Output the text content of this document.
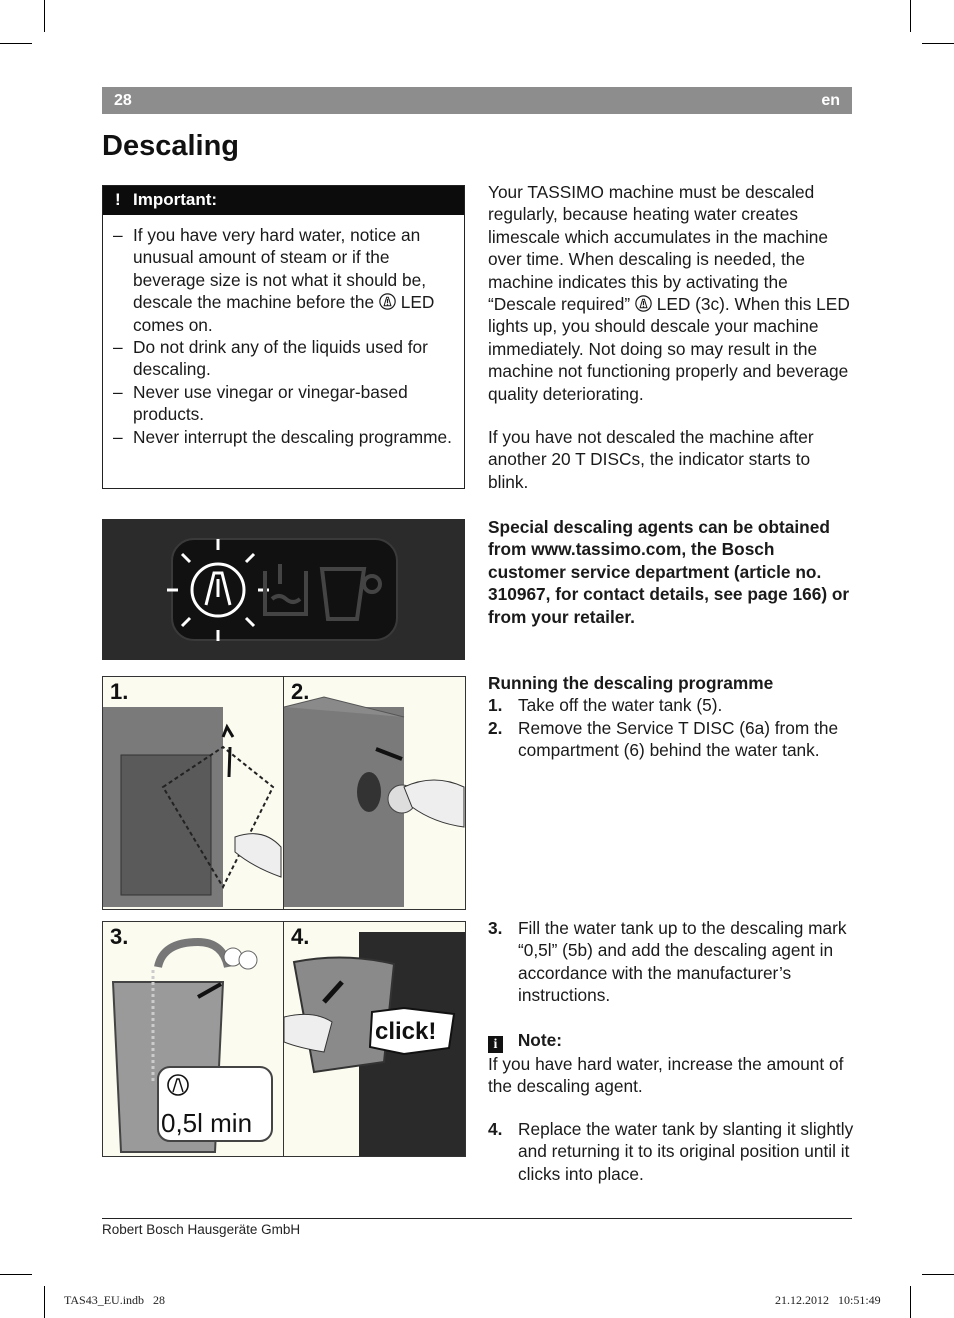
28	en
Descaling
! Important:
– If you have very hard water, notice an unusual amount of steam or if the beverage size is not what it should be, descale the machine before the  LED comes on.
– Do not drink any of the liquids used for descaling.
– Never use vinegar or vinegar-based products.
– Never interrupt the descaling programme.

Your TASSIMO machine must be descaled regularly, because heating water creates limescale which accumulates in the machine over time. When descaling is needed, the machine indicates this by activating the “Descale required”  LED (3c). When this LED lights up, you should descale your machine immediately. Not doing so may result in the machine not functioning properly and beverage quality deteriorating.

If you have not descaled the machine after another 20 T DISCs, the indicator starts to blink.

Special descaling agents can be obtained from www.tassimo.com, the Bosch customer service department (article no. 310967, for contact details, see page 166) or from your retailer.

1.	2.
3.
0,5l min
4.
click!

Running the descaling programme

1. Take off the water tank (5).
2. Remove the Service T DISC (6a) from the compartment (6) behind the water tank.
3. Fill the water tank up to the descaling mark “0,5l” (5b) and add the descaling agent in accordance with the manufacturer’s instructions.

i Note:

If you have hard water, increase the amount of the descaling agent.

4. Replace the water tank by slanting it slightly and returning it to its original position until it clicks into place.
Robert Bosch Hausgeräte GmbH
TAS43_EU.indb   28	21.12.2012   10:51:49
